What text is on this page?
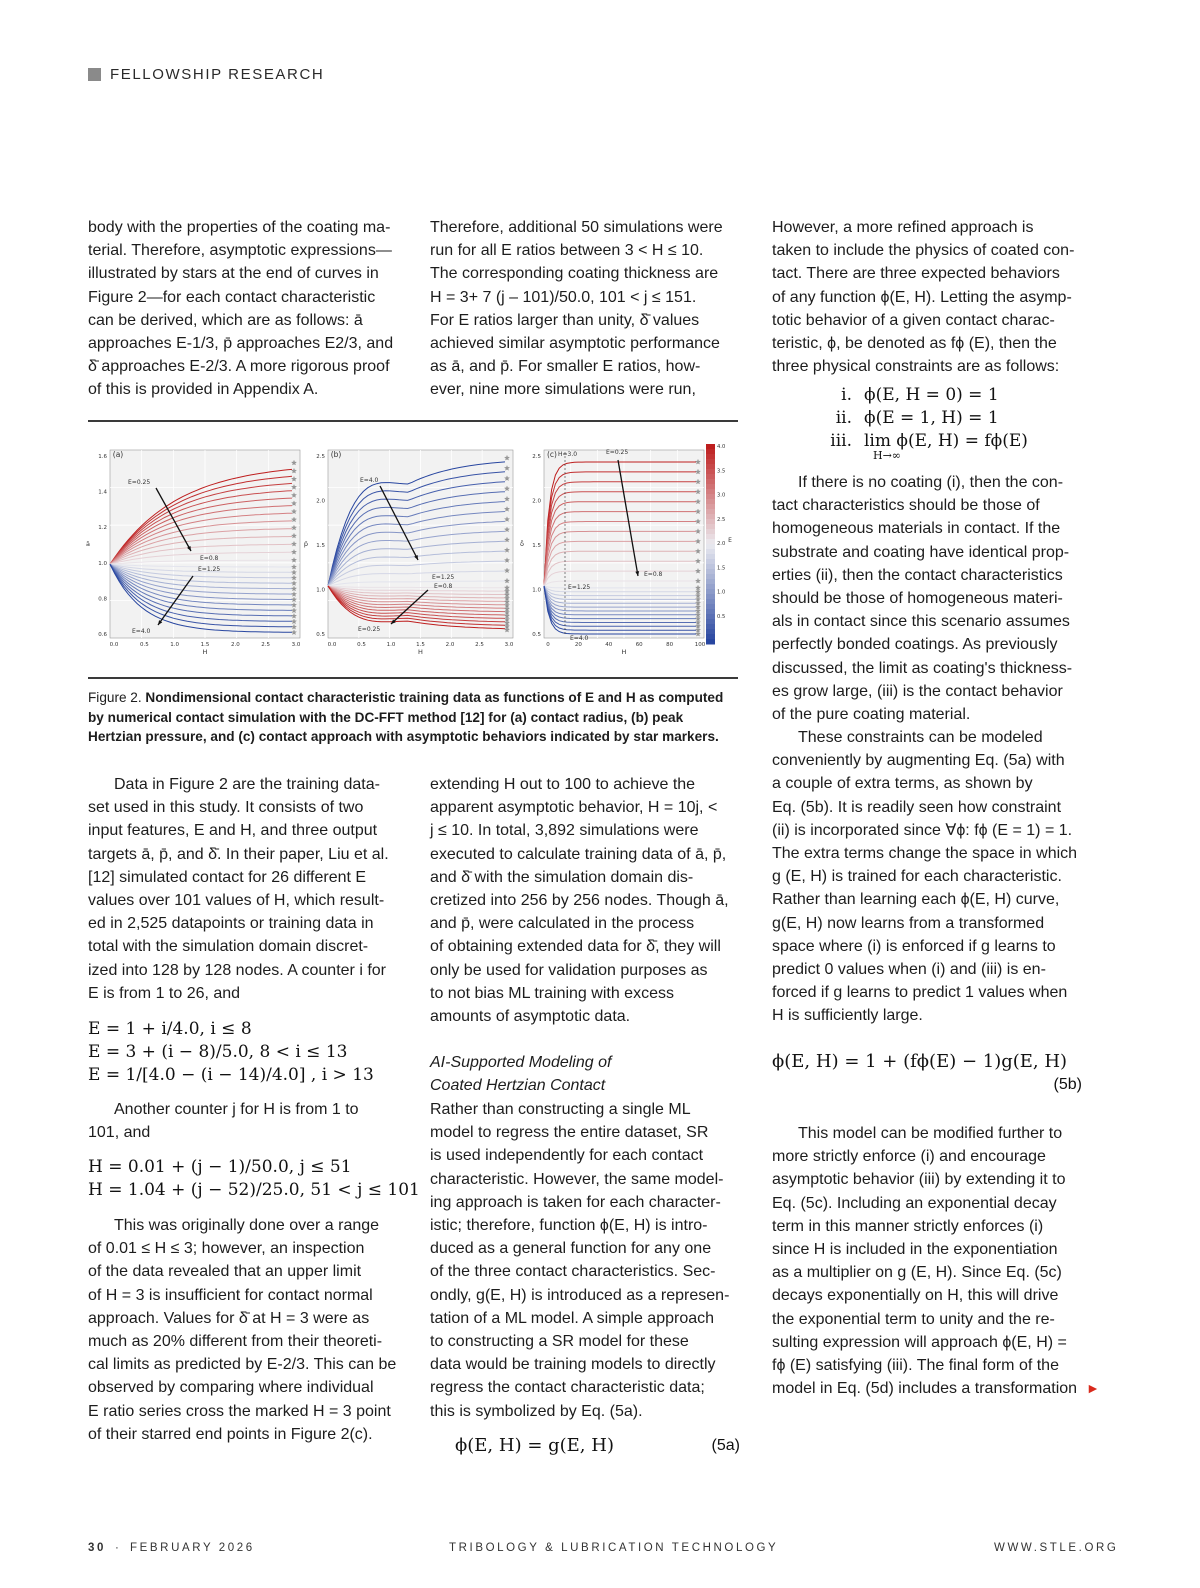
FELLOWSHIP RESEARCH
body with the properties of the coating ma-
terial. Therefore, asymptotic expressions—
illustrated by stars at the end of curves in
Figure 2—for each contact characteristic
can be derived, which are as follows: ā
approaches E-1/3, p̄ approaches E2/3, and
δ̄ approaches E-2/3. A more rigorous proof
of this is provided in Appendix A.
Therefore, additional 50 simulations were
run for all E ratios between 3 < H ≤ 10.
The corresponding coating thickness are
H = 3+ 7 (j – 101)/50.0, 101 < j ≤ 151.
For E ratios larger than unity, δ̄ values
achieved similar asymptotic performance
as ā, and p̄. For smaller E ratios, how-
ever, nine more simulations were run,
However, a more refined approach is
taken to include the physics of coated con-
tact. There are three expected behaviors
of any function ϕ(E, H). Letting the asymp-
totic behavior of a given contact charac-
teristic, ϕ, be denoted as fϕ (E), then the
three physical constraints are as follows:
i. ϕ(E, H = 0) = 1
ii. ϕ(E = 1, H) = 1
iii. lim ϕ(E, H) = fϕ(E)
H→∞
If there is no coating (i), then the con-
tact characteristics should be those of
homogeneous materials in contact. If the
substrate and coating have identical prop-
erties (ii), then the contact characteristics
should be those of homogeneous materi-
als in contact since this scenario assumes
perfectly bonded coatings. As previously
discussed, the limit as coating's thickness-
es grow large, (iii) is the contact behavior
of the pure coating material.
These constraints can be modeled
conveniently by augmenting Eq. (5a) with
a couple of extra terms, as shown by
Eq. (5b). It is readily seen how constraint
(ii) is incorporated since ∀ϕ: fϕ (E = 1) = 1.
The extra terms change the space in which
g (E, H) is trained for each characteristic.
Rather than learning each ϕ(E, H) curve,
g(E, H) now learns from a transformed
space where (i) is enforced if g learns to
predict 0 values when (i) and (iii) is en-
forced if g learns to predict 1 values when
H is sufficiently large.
ϕ(E, H) = 1 + (fϕ(E) − 1)g(E, H)
(5b)
This model can be modified further to
more strictly enforce (i) and encourage
asymptotic behavior (iii) by extending it to
Eq. (5c). Including an exponential decay
term in this manner strictly enforces (i)
since H is included in the exponentiation
as a multiplier on g (E, H). Since Eq. (5c)
decays exponentially on H, this will drive
the exponential term to unity and the re-
sulting expression will approach ϕ(E, H) =
fϕ (E) satisfying (iii). The final form of the
model in Eq. (5d) includes a transformation ►
1.6
1.4
1.2
1.0
0.8
0.6
0.0	0.5	1.0	1.5	2.0	2.5	3.0
H
ā
(a)
E=0.25
E=0.8
E=1.25
E=4.0
2.5
2.0
1.5
1.0
0.5
0.0	0.5	1.0	1.5	2.0	2.5	3.0
H
p̄
(b)
E=4.0
E=1.25
E=0.8
E=0.25
2.5
2.0
1.5
1.0
0.5
0	20	40	60	80	100
H
δ̄
(c) H=3.0	E=0.25
E=0.8
E=1.25
E=4.0
4.0
3.5
3.0
2.5
2.0
1.5
1.0
0.5
E
Figure 2. Nondimensional contact characteristic training data as functions of E and H as computed by numerical contact simulation with the DC-FFT method [12] for (a) contact radius, (b) peak Hertzian pressure, and (c) contact approach with asymptotic behaviors indicated by star markers.
Data in Figure 2 are the training data-
set used in this study. It consists of two
input features, E and H, and three output
targets ā, p̄, and δ̄. In their paper, Liu et al.
[12] simulated contact for 26 different E
values over 101 values of H, which result-
ed in 2,525 datapoints or training data in
total with the simulation domain discret-
ized into 128 by 128 nodes. A counter i for
E is from 1 to 26, and
E = 1 + i/4.0, i ≤ 8
E = 3 + (i − 8)/5.0, 8 < i ≤ 13
E = 1/[4.0 − (i − 14)/4.0] , i > 13
Another counter j for H is from 1 to
101, and
H = 0.01 + (j − 1)/50.0, j ≤ 51
H = 1.04 + (j − 52)/25.0, 51 < j ≤ 101
This was originally done over a range
of 0.01 ≤ H ≤ 3; however, an inspection
of the data revealed that an upper limit
of H = 3 is insufficient for contact normal
approach. Values for δ̄ at H = 3 were as
much as 20% different from their theoreti-
cal limits as predicted by E-2/3. This can be
observed by comparing where individual
E ratio series cross the marked H = 3 point
of their starred end points in Figure 2(c).
extending H out to 100 to achieve the
apparent asymptotic behavior, H = 10j, <
j ≤ 10. In total, 3,892 simulations were
executed to calculate training data of ā, p̄,
and δ̄ with the simulation domain dis-
cretized into 256 by 256 nodes. Though ā,
and p̄, were calculated in the process
of obtaining extended data for δ̄, they will
only be used for validation purposes as
to not bias ML training with excess
amounts of asymptotic data.
AI-Supported Modeling of
Coated Hertzian Contact
Rather than constructing a single ML
model to regress the entire dataset, SR
is used independently for each contact
characteristic. However, the same model-
ing approach is taken for each character-
istic; therefore, function ϕ(E, H) is intro-
duced as a general function for any one
of the three contact characteristics. Sec-
ondly, g(E, H) is introduced as a represen-
tation of a ML model. A simple approach
to constructing a SR model for these
data would be training models to directly
regress the contact characteristic data;
this is symbolized by Eq. (5a).
ϕ(E, H) = g(E, H)	(5a)
30 · FEBRUARY 2026	TRIBOLOGY & LUBRICATION TECHNOLOGY	WWW.STLE.ORG
